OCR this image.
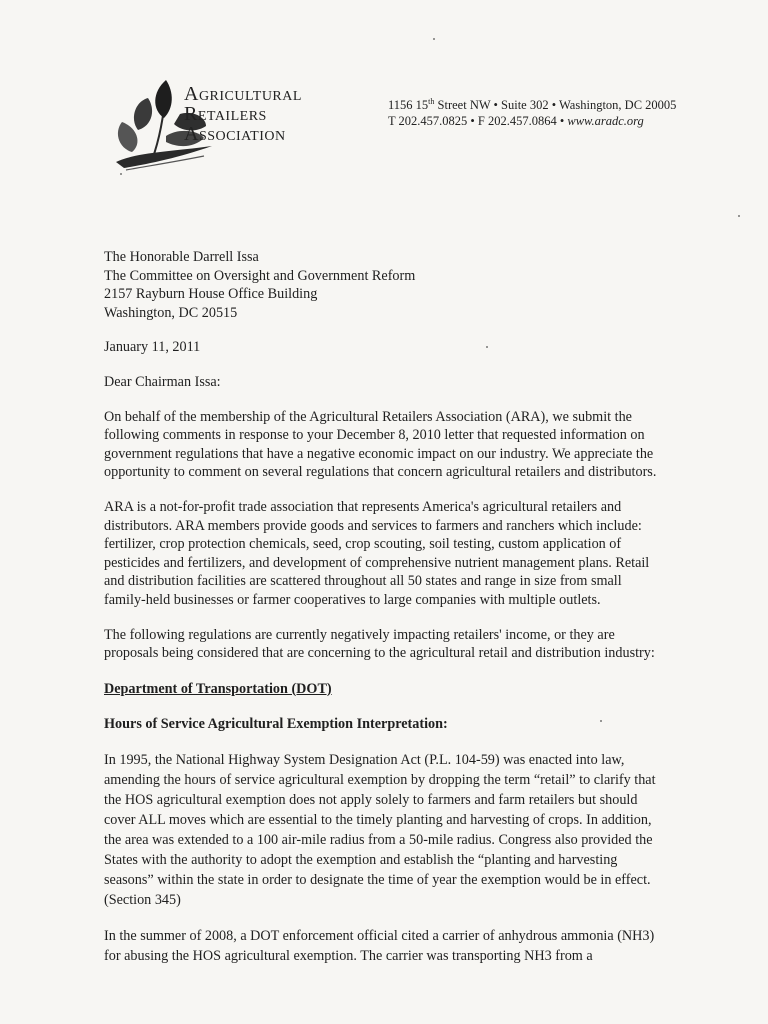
Agricultural
Retailers
Association
1156 15th Street NW • Suite 302 • Washington, DC 20005
T 202.457.0825 • F 202.457.0864 • www.aradc.org
The Honorable Darrell Issa
The Committee on Oversight and Government Reform
2157 Rayburn House Office Building
Washington, DC 20515
January 11, 2011
Dear Chairman Issa:

On behalf of the membership of the Agricultural Retailers Association (ARA), we submit the following comments in response to your December 8, 2010 letter that requested information on government regulations that have a negative economic impact on our industry. We appreciate the opportunity to comment on several regulations that concern agricultural retailers and distributors.

ARA is a not-for-profit trade association that represents America's agricultural retailers and distributors. ARA members provide goods and services to farmers and ranchers which include: fertilizer, crop protection chemicals, seed, crop scouting, soil testing, custom application of pesticides and fertilizers, and development of comprehensive nutrient management plans. Retail and distribution facilities are scattered throughout all 50 states and range in size from small family-held businesses or farmer cooperatives to large companies with multiple outlets.

The following regulations are currently negatively impacting retailers' income, or they are proposals being considered that are concerning to the agricultural retail and distribution industry:

Department of Transportation (DOT)
Hours of Service Agricultural Exemption Interpretation:

In 1995, the National Highway System Designation Act (P.L. 104-59) was enacted into law, amending the hours of service agricultural exemption by dropping the term “retail” to clarify that the HOS agricultural exemption does not apply solely to farmers and farm retailers but should cover ALL moves which are essential to the timely planting and harvesting of crops. In addition, the area was extended to a 100 air-mile radius from a 50-mile radius. Congress also provided the States with the authority to adopt the exemption and establish the “planting and harvesting seasons” within the state in order to designate the time of year the exemption would be in effect. (Section 345)

In the summer of 2008, a DOT enforcement official cited a carrier of anhydrous ammonia (NH3) for abusing the HOS agricultural exemption. The carrier was transporting NH3 from a
